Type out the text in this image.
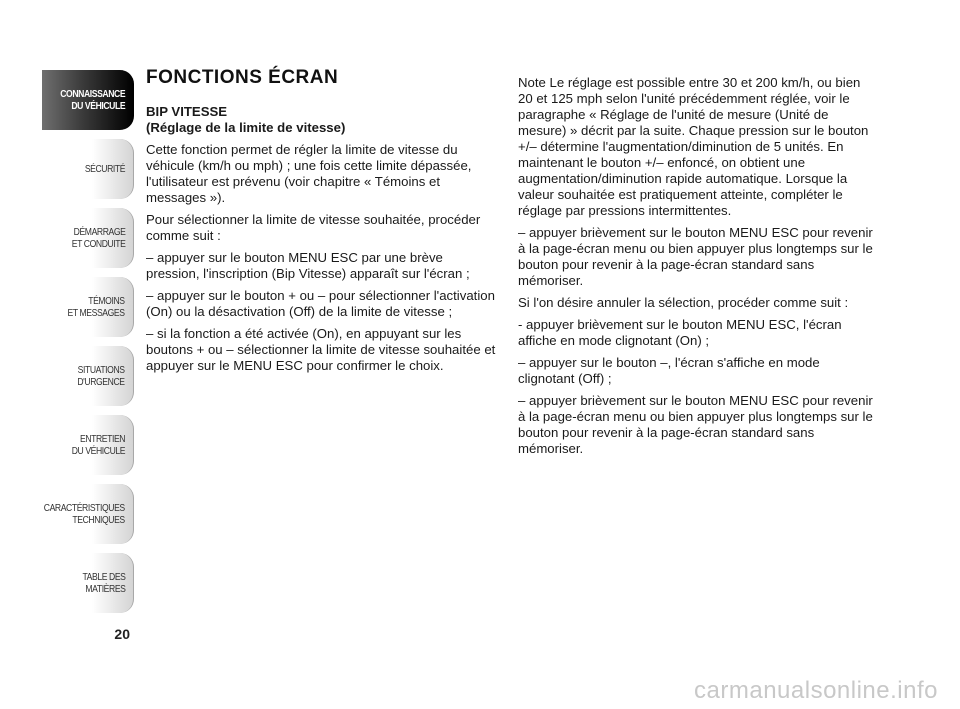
CONNAISSANCE
DU VÉHICULE
SÉCURITÉ
DÉMARRAGE
ET CONDUITE
TÉMOINS
ET MESSAGES
SITUATIONS
D'URGENCE
ENTRETIEN
DU VÉHICULE
CARACTÉRISTIQUES
TECHNIQUES
TABLE DES
MATIÈRES
20
FONCTIONS ÉCRAN
BIP VITESSE
(Réglage de la limite de vitesse)

Cette fonction permet de régler la limite de vitesse du véhicule (km/h ou mph) ; une fois cette limite dépassée, l'utilisateur est prévenu (voir chapitre « Témoins et messages »).

Pour sélectionner la limite de vitesse souhaitée, procéder comme suit :

– appuyer sur le bouton MENU ESC par une brève pression, l'inscription (Bip Vitesse) apparaît sur l'écran ;

– appuyer sur le bouton + ou – pour sélectionner l'activation (On) ou la désactivation (Off) de la limite de vitesse ;

– si la fonction a été activée (On), en appuyant sur les boutons + ou – sélectionner la limite de vitesse souhaitée et appuyer sur le MENU ESC pour confirmer le choix.

Note Le réglage est possible entre 30 et 200 km/h, ou bien 20 et 125 mph selon l'unité précédemment réglée, voir le paragraphe « Réglage de l'unité de mesure (Unité de mesure) » décrit par la suite. Chaque pression sur le bouton +/– détermine l'augmentation/diminution de 5 unités. En maintenant le bouton +/– enfoncé, on obtient une augmentation/diminution rapide automatique. Lorsque la valeur souhaitée est pratiquement atteinte, compléter le réglage par pressions intermittentes.

– appuyer brièvement sur le bouton MENU ESC pour revenir à la page-écran menu ou bien appuyer plus longtemps sur le bouton pour revenir à la page-écran standard sans mémoriser.

Si l'on désire annuler la sélection, procéder comme suit :

- appuyer brièvement sur le bouton MENU ESC, l'écran affiche en mode clignotant (On) ;

– appuyer sur le bouton –, l'écran s'affiche en mode clignotant (Off) ;

– appuyer brièvement sur le bouton MENU ESC pour revenir à la page-écran menu ou bien appuyer plus longtemps sur le bouton pour revenir à la page-écran standard sans mémoriser.

carmanualsonline.info
